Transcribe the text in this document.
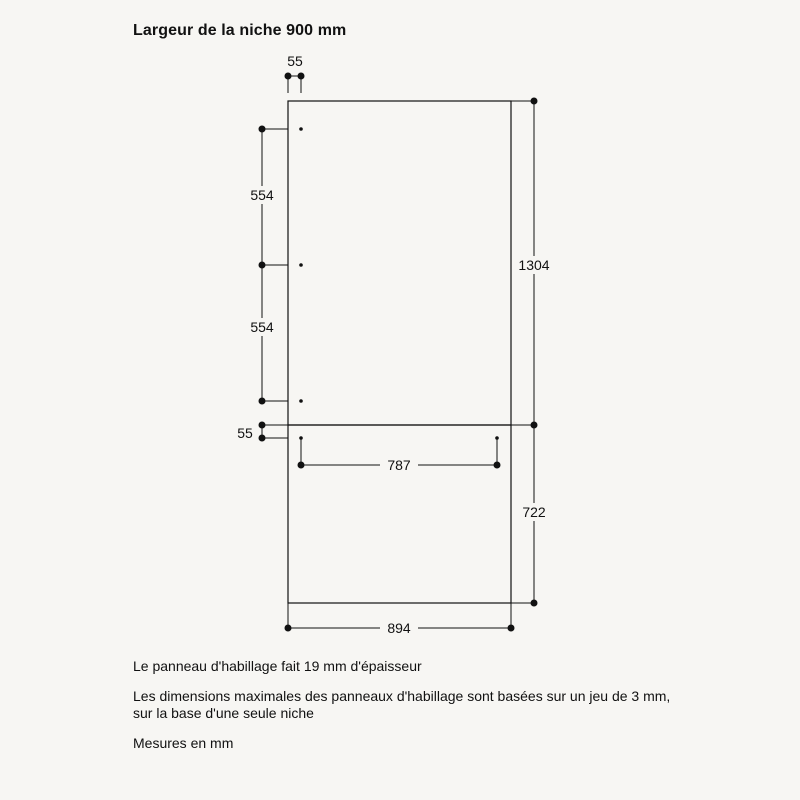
Largeur de la niche 900 mm
55
554
554
55
787
1304
722
894

Le panneau d'habillage fait 19 mm d'épaisseur

Les dimensions maximales des panneaux d'habillage sont basées sur un jeu de 3 mm, sur la base d'une seule niche

Mesures en mm
